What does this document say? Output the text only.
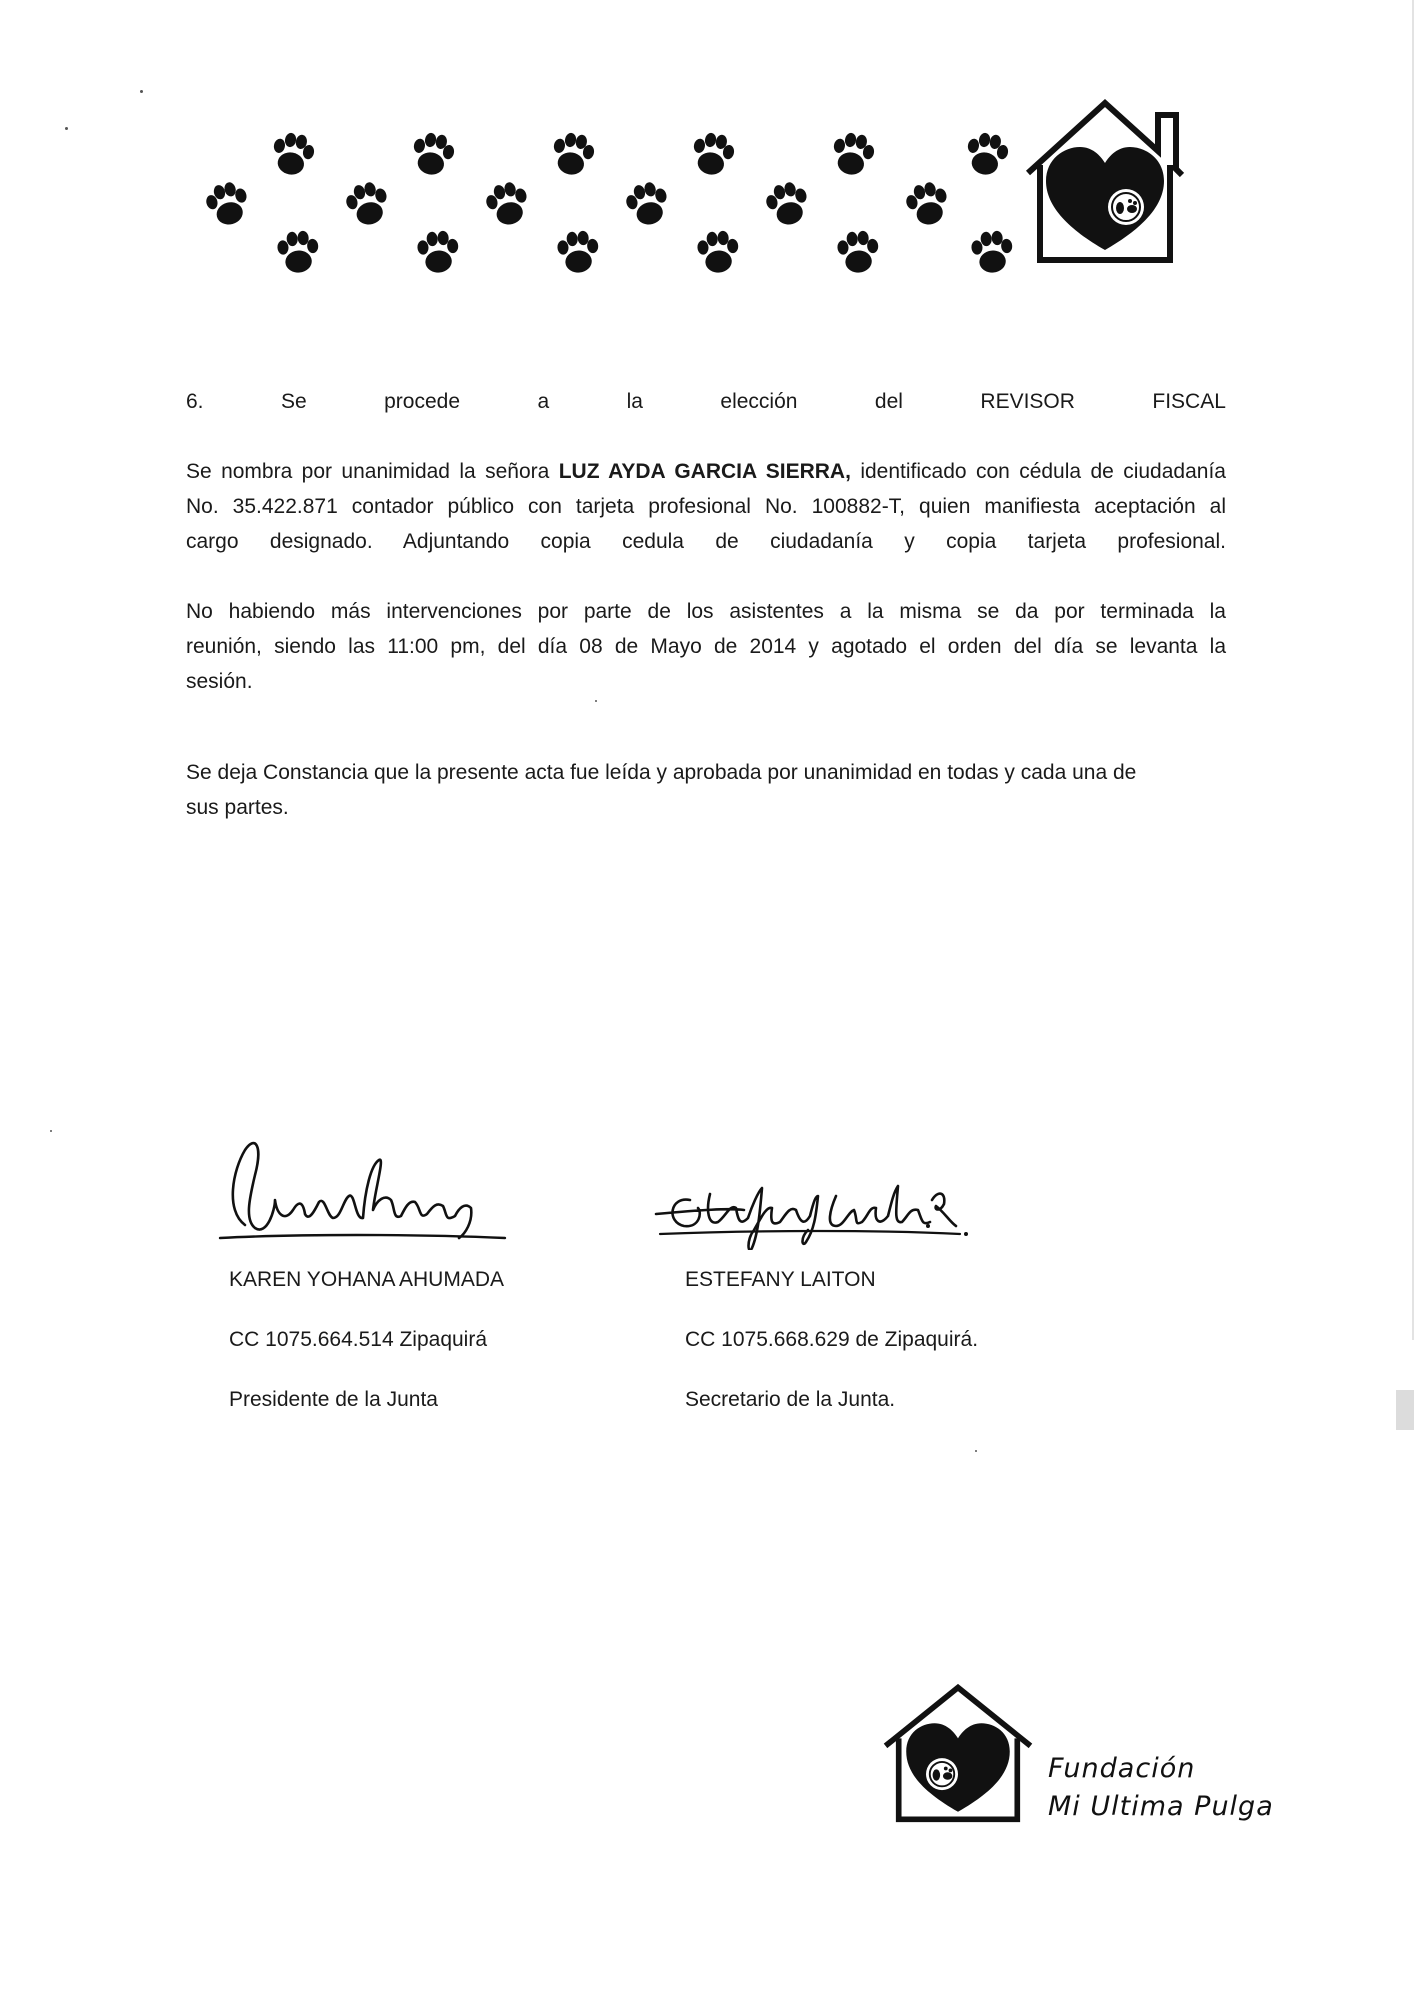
6.	Se	procede	a	la	elección	del	REVISOR	FISCAL
Se nombra por unanimidad la señora LUZ AYDA GARCIA SIERRA, identificado con cédula de ciudadanía
No. 35.422.871 contador público con tarjeta profesional No. 100882-T, quien manifiesta aceptación al
cargo designado. Adjuntando copia cedula de ciudadanía y copia tarjeta profesional.
No habiendo más intervenciones por parte de los asistentes a la misma se da por terminada la
reunión, siendo las 11:00 pm, del día 08 de Mayo de 2014 y agotado el orden del día se levanta la
sesión.
Se deja Constancia que la presente acta fue leída y aprobada por unanimidad en todas y cada una de
sus partes.
KAREN YOHANA AHUMADA
CC 1075.664.514 Zipaquirá
Presidente de la Junta
ESTEFANY LAITON
CC 1075.668.629 de Zipaquirá.
Secretario de la Junta.
Fundación
Mi Ultima Pulga
